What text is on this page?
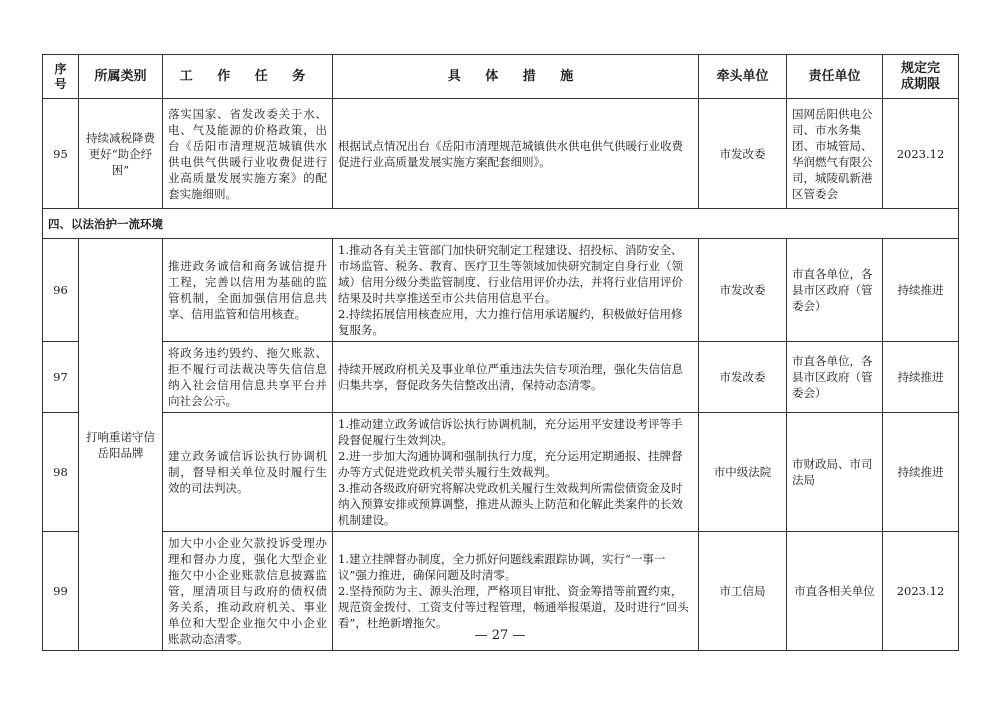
序号	所属类别	工 作 任 务	具 体 措 施	牵头单位	责任单位	规定完成期限
95	持续减税降费更好“助企纾困”	落实国家、省发改委关于水、电、气及能源的价格政策，出台《岳阳市清理规范城镇供水供电供气供暖行业收费促进行业高质量发展实施方案》的配套实施细则。	根据试点情况出台《岳阳市清理规范城镇供水供电供气供暖行业收费促进行业高质量发展实施方案配套细则》。	市发改委	国网岳阳供电公司、市水务集团、市城管局、华润燃气有限公司，城陵矶新港区管委会	2023.12
四、以法治护一流环境						
96	打响重诺守信岳阳品牌	推进政务诚信和商务诚信提升工程，完善以信用为基础的监管机制，全面加强信用信息共享、信用监管和信用核查。	1.推动各有关主管部门加快研究制定工程建设、招投标、消防安全、市场监管、税务、教育、医疗卫生等领域加快研究制定自身行业（领域）信用分级分类监管制度、行业信用评价办法，并将行业信用评价结果及时共享推送至市公共信用信息平台。
2.持续拓展信用核查应用，大力推行信用承诺履约，积极做好信用修复服务。	市发改委	市直各单位，各县市区政府（管委会）	持续推进
97		将政务违约毁约、拖欠账款、拒不履行司法裁决等失信信息纳入社会信用信息共享平台并向社会公示。	持续开展政府机关及事业单位严重违法失信专项治理，强化失信信息归集共享，督促政务失信整改出清，保持动态清零。	市发改委	市直各单位，各县市区政府（管委会）	持续推进
98		建立政务诚信诉讼执行协调机制，督导相关单位及时履行生效的司法判决。	1.推动建立政务诚信诉讼执行协调机制，充分运用平安建设考评等手段督促履行生效判决。
2.进一步加大沟通协调和强制执行力度，充分运用定期通报、挂牌督办等方式促进党政机关带头履行生效裁判。
3.推动各级政府研究将解决党政机关履行生效裁判所需偿债资金及时纳入预算安排或预算调整，推进从源头上防范和化解此类案件的长效机制建设。	市中级法院	市财政局、市司法局	持续推进
99		加大中小企业欠款投诉受理办理和督办力度，强化大型企业拖欠中小企业账款信息披露监管，厘清项目与政府的债权债务关系，推动政府机关、事业单位和大型企业拖欠中小企业账款动态清零。	1.建立挂牌督办制度，全力抓好问题线索跟踪协调，实行“一事一议”强力推进，确保问题及时清零。
2.坚持预防为主、源头治理，严格项目审批、资金筹措等前置约束，规范资金拨付、工资支付等过程管理，畅通举报渠道，及时进行“回头看”，杜绝新增拖欠。	市工信局	市直各相关单位	2023.12
— 27 —
